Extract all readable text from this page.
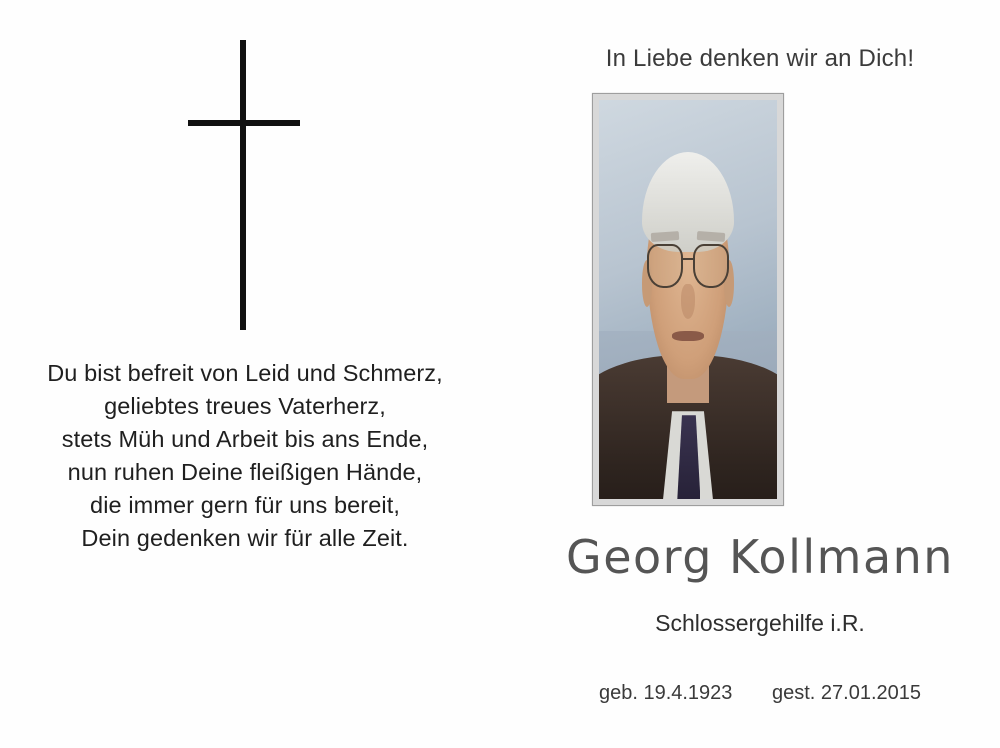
Du bist befreit von Leid und Schmerz,
geliebtes treues Vaterherz,
stets Müh und Arbeit bis ans Ende,
nun ruhen Deine fleißigen Hände,
die immer gern für uns bereit,
Dein gedenken wir für alle Zeit.
In Liebe denken wir an Dich!
Georg Kollmann
Schlossergehilfe i.R.
geb. 19.4.1923 gest. 27.01.2015
